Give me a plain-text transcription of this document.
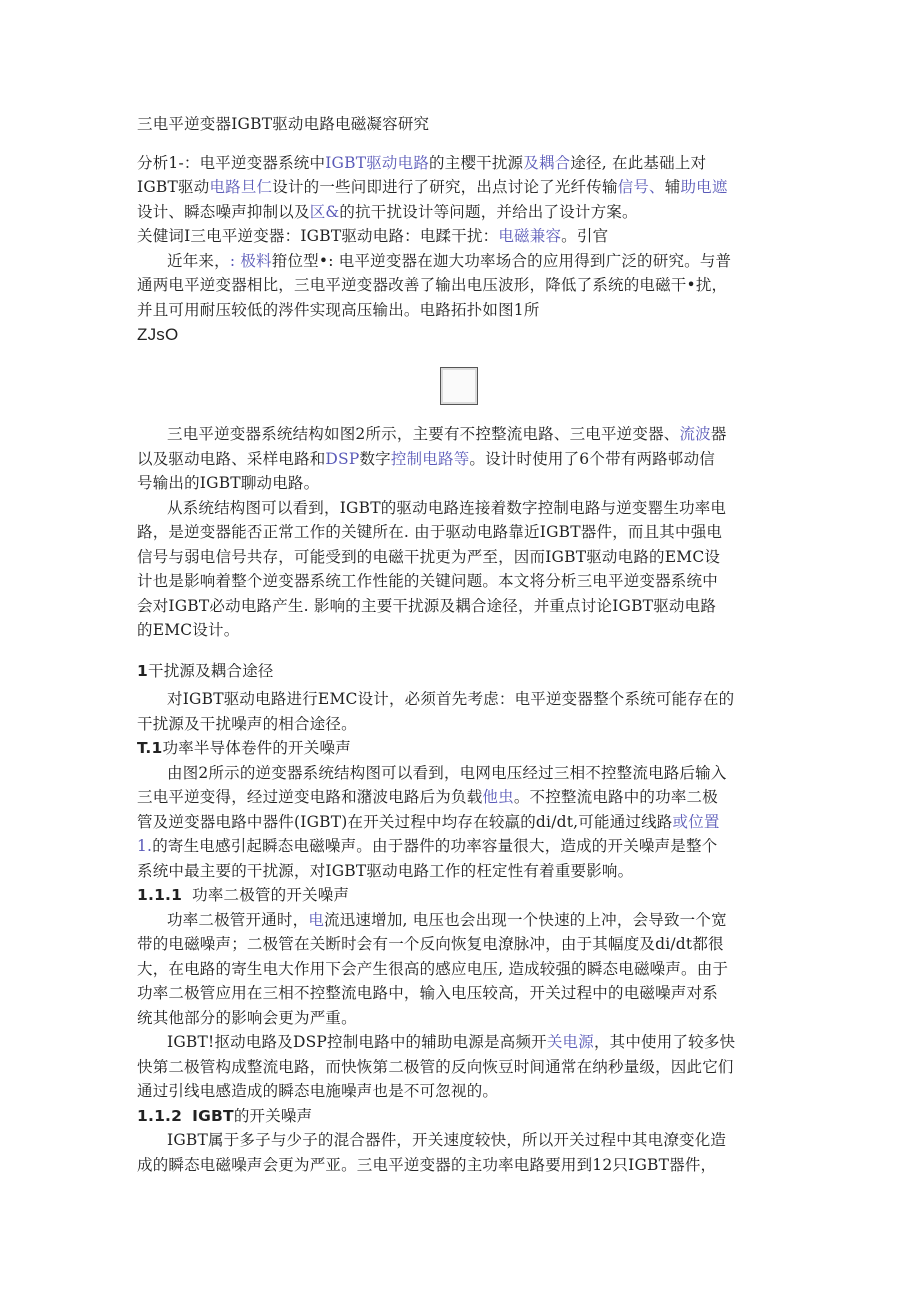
三电平逆变器IGBT驱动电路电磁凝容研究
分析1-：电平逆变器系统中IGBT驱动电路的主樱干扰源及耦合途径, 在此基础上对
IGBT驱动电路旦仁设计的一些问即进行了研究，出点讨论了光纤传输信号、辅助电遮
设计、瞬态噪声抑制以及区&的抗干扰设计等问题，并给出了设计方案。
关健词I三电平逆变器：IGBT驱动电路：电蹂干扰：电磁兼容。引官
近年来，: 极料箝位型•: 电平逆变器在迦大功率场合的应用得到广泛的研究。与普
通两电平逆变器相比，三电平逆变器改善了输出电压波形，降低了系统的电磁干•扰，
并且可用耐压较低的涔件实现高压输出。电路拓扑如图1所
ZJsO
三电平逆变器系统结构如图2所示，主要有不控整流电路、三电平逆变器、流波器
以及驱动电路、采样电路和DSP数字控制电路等。设计时使用了6个带有两路邨动信
号输出的IGBT聊动电路。
从系统结构图可以看到，IGBT的驱动电路连接着数字控制电路与逆变罂生功率电
路，是逆变器能否正常工作的关键所在. 由于驱动电路靠近IGBT器件，而且其中强电
信号与弱电信号共存，可能受到的电磁干扰更为严至，因而IGBT驱动电路的EMC设
计也是影响着整个逆变器系统工作性能的关键问题。本文将分析三电平逆变器系统中
会对IGBT必动电路产生. 影响的主要干扰源及耦合途径，并重点讨论IGBT驱动电路
的EMC设计。
1干扰源及耦合途径
对IGBT驱动电路进行EMC设计，必须首先考虑：电平逆变器整个系统可能存在的
干扰源及干扰噪声的相合途径。
T.1功率半导体卷件的开关噪声
由图2所示的逆变器系统结构图可以看到，电网电压经过三相不控整流电路后输入
三电平逆变得，经过逆变电路和潴波电路后为负载他虫。不控整流电路中的功率二极
管及逆变器电路中器件(IGBT)在开关过程中均存在较羸的di/dt,可能通过线路或位置
1.的寄生电感引起瞬态电磁噪声。由于器件的功率容量很大，造成的开关噪声是整个
系统中最主要的干扰源，对IGBT驱动电路工作的枉定性有着重要影响。
1.1.1 功率二极管的开关噪声
功率二极管开通时，电流迅速增加, 电压也会出现一个快速的上冲，会导致一个宽
带的电磁噪声；二极管在关断时会有一个反向恢复电潦脉冲，由于其幅度及di/dt都很
大，在电路的寄生电大作用下会产生很高的感应电压, 造成较强的瞬态电磁噪声。由于
功率二极管应用在三相不控整流电路中，输入电压较高，开关过程中的电磁噪声对系
统其他部分的影响会更为严重。
IGBT!抠动电路及DSP控制电路中的辅助电源是高频开关电源，其中使用了较多快
快第二极管构成整流电路，而快恢第二极管的反向恢豆时间通常在纳秒量级，因此它们
通过引线电感造成的瞬态电施噪声也是不可忽视的。
1.1.2 IGBT的开关噪声
IGBT属于多子与少子的混合器件，开关速度较快，所以开关过程中其电潦变化造
成的瞬态电磁噪声会更为严亚。三电平逆变器的主功率电路要用到12只IGBT器件，
